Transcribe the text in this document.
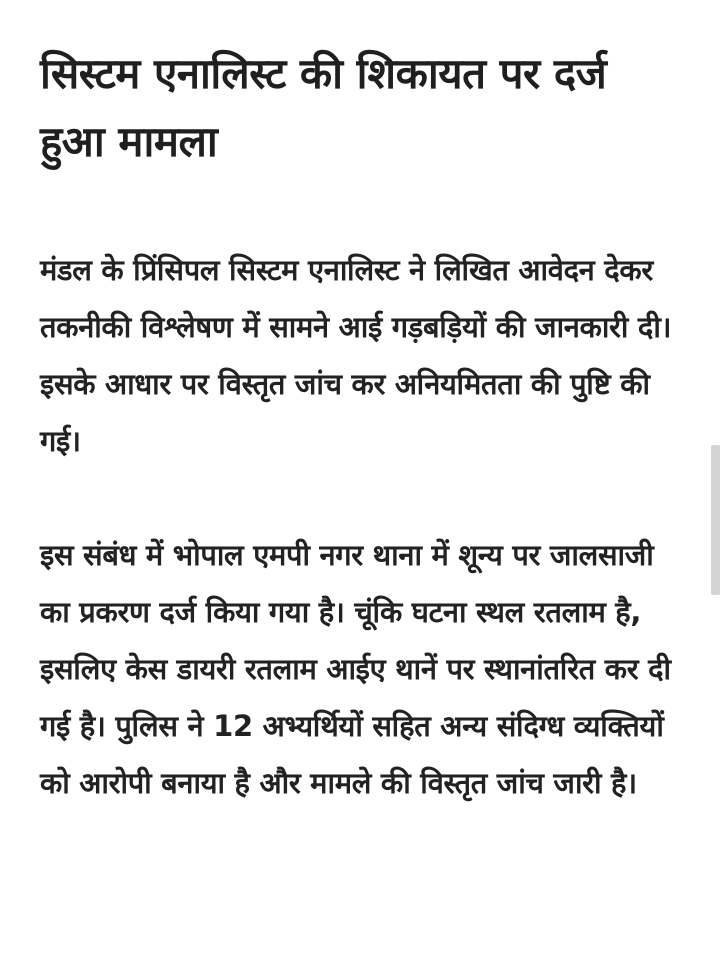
सिस्टम एनालिस्ट की शिकायत पर दर्ज हुआ मामला

मंडल के प्रिंसिपल सिस्टम एनालिस्ट ने लिखित आवेदन देकर तकनीकी विश्लेषण में सामने आई गड़बड़ियों की जानकारी दी। इसके आधार पर विस्तृत जांच कर अनियमितता की पुष्टि की गई।

इस संबंध में भोपाल एमपी नगर थाना में शून्य पर जालसाजी का प्रकरण दर्ज किया गया है। चूंकि घटना स्थल रतलाम है, इसलिए केस डायरी रतलाम आईए थानें पर स्थानांतरित कर दी गई है। पुलिस ने 12 अभ्यर्थियों सहित अन्य संदिग्ध व्यक्तियों को आरोपी बनाया है और मामले की विस्तृत जांच जारी है।
